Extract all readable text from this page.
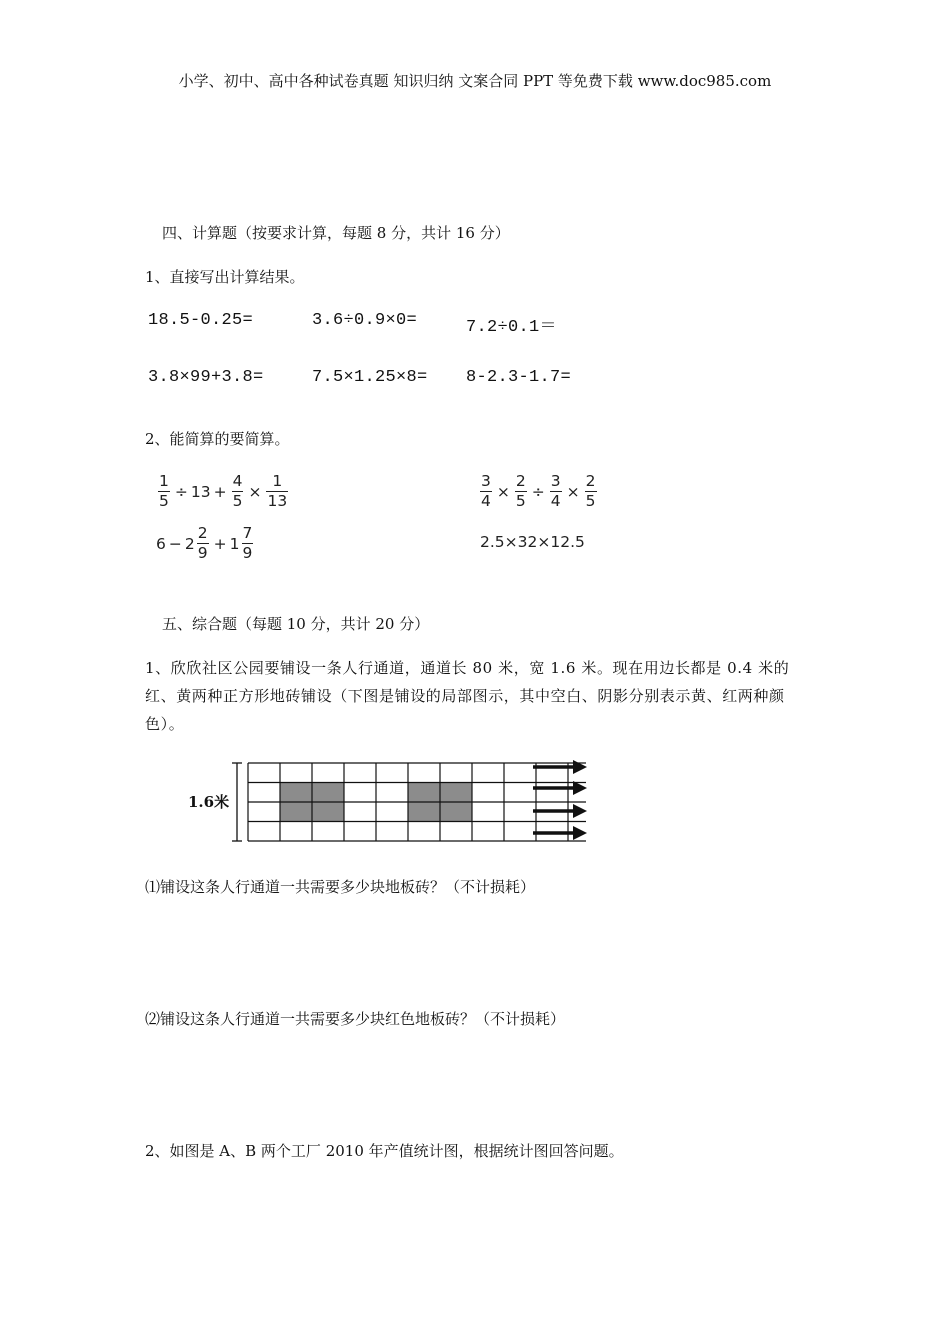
小学、初中、高中各种试卷真题 知识归纳 文案合同 PPT 等免费下载 www.doc985.com
四、计算题（按要求计算，每题 8 分，共计 16 分）
1、直接写出计算结果。
18.5-0.25=	3.6÷0.9×0=	7.2÷0.1＝
3.8×99+3.8=	7.5×1.25×8= 8-2.3-1.7=
2、能简算的要简算。
$\frac{1}{5} \div 13 + \frac{4}{5} \times \frac{1}{13}$	$\frac{3}{4} \times \frac{2}{5} \div \frac{3}{4} \times \frac{2}{5}$
$6 - 2 \frac{2}{9} + 1 \frac{7}{9}$	2.5×32×12.5
五、综合题（每题 10 分，共计 20 分）
1、欣欣社区公园要铺设一条人行通道，通道长 80 米，宽 1.6 米。现在用边长都是 0.4 米的红、黄两种正方形地砖铺设（下图是铺设的局部图示，其中空白、阴影分别表示黄、红两种颜色）。
1.6米
⑴铺设这条人行通道一共需要多少块地板砖？（不计损耗）
⑵铺设这条人行通道一共需要多少块红色地板砖？（不计损耗）
2、如图是 A、B 两个工厂 2010 年产值统计图，根据统计图回答问题。
